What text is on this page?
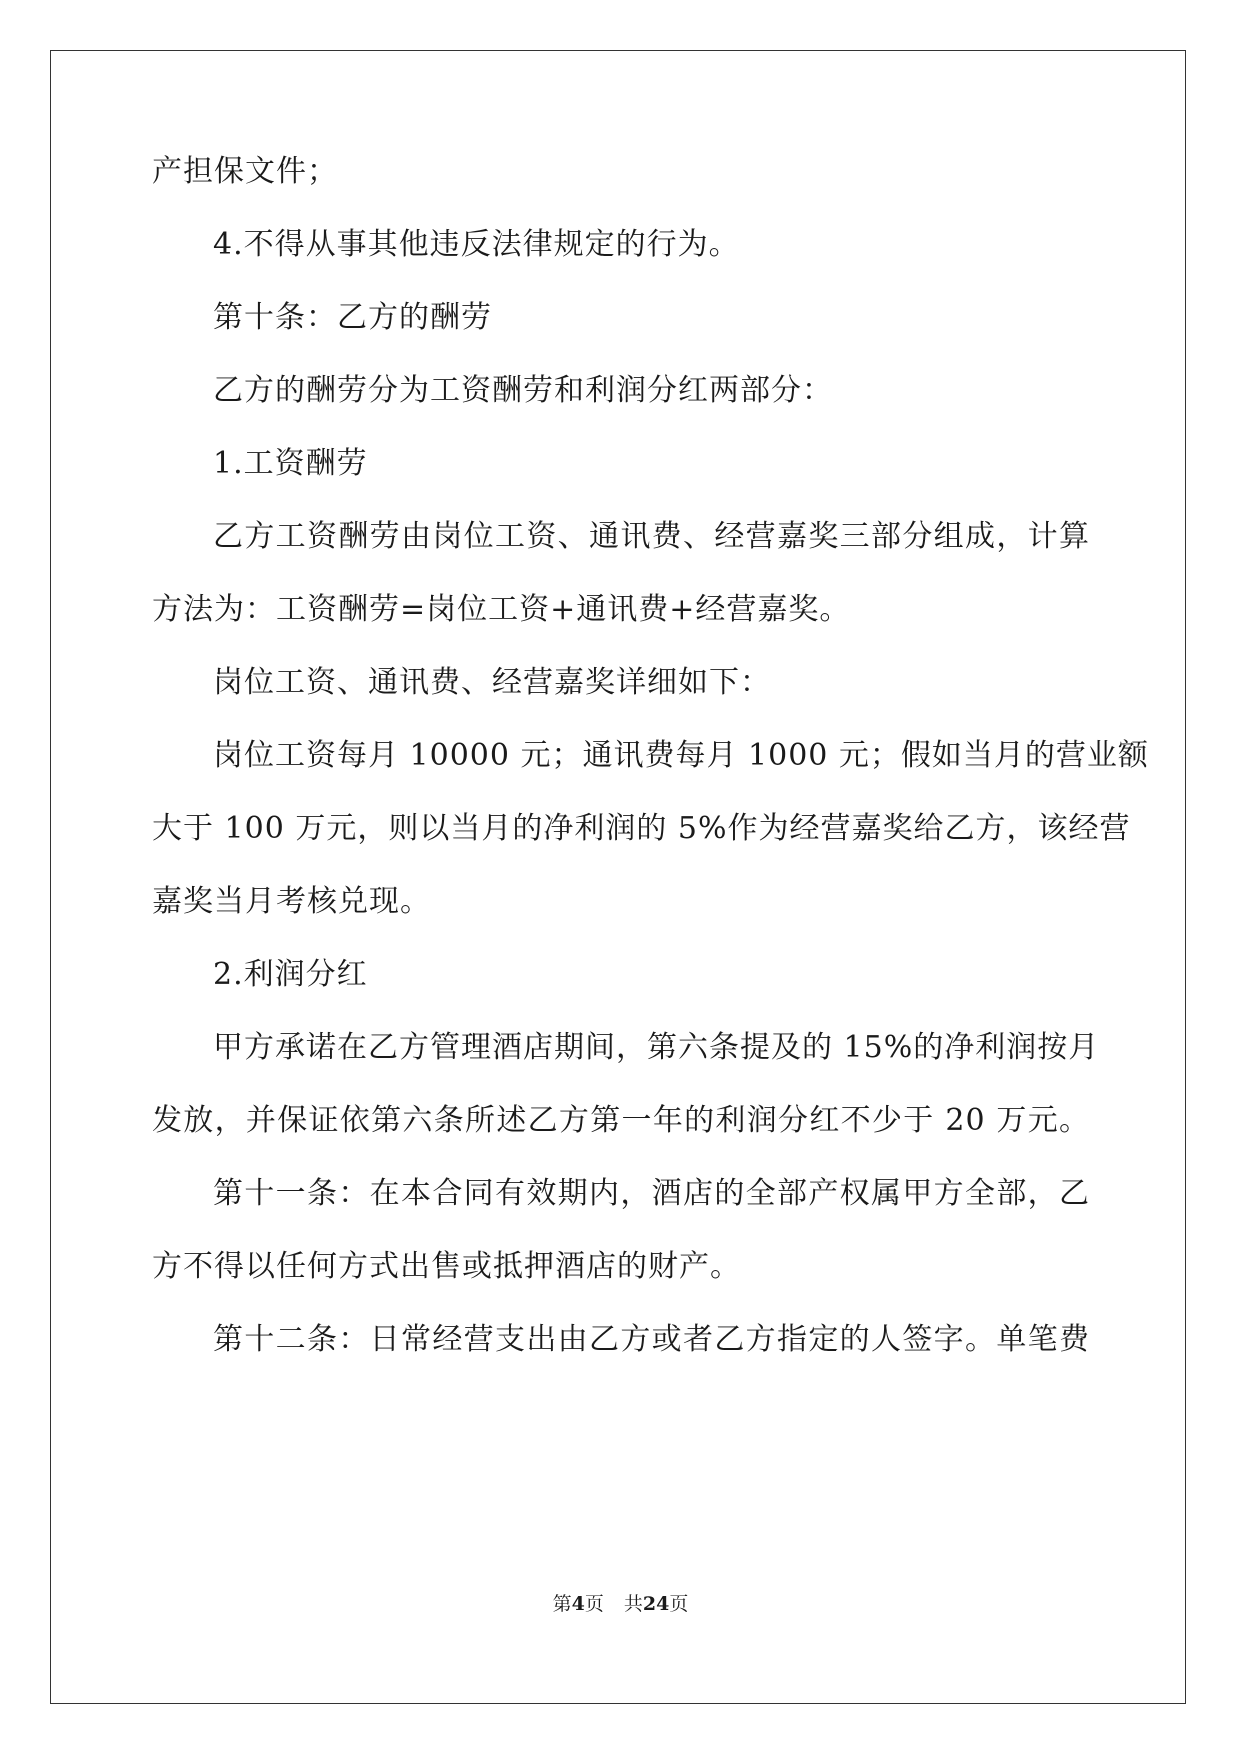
产担保文件；
4.不得从事其他违反法律规定的行为。
第十条：乙方的酬劳
乙方的酬劳分为工资酬劳和利润分红两部分：
1.工资酬劳
乙方工资酬劳由岗位工资、通讯费、经营嘉奖三部分组成，计算
方法为：工资酬劳=岗位工资+通讯费+经营嘉奖。
岗位工资、通讯费、经营嘉奖详细如下：
岗位工资每月 10000 元；通讯费每月 1000 元；假如当月的营业额
大于 100 万元，则以当月的净利润的 5%作为经营嘉奖给乙方，该经营
嘉奖当月考核兑现。
2.利润分红
甲方承诺在乙方管理酒店期间，第六条提及的 15%的净利润按月
发放，并保证依第六条所述乙方第一年的利润分红不少于 20 万元。
第十一条：在本合同有效期内，酒店的全部产权属甲方全部，乙
方不得以任何方式出售或抵押酒店的财产。
第十二条：日常经营支出由乙方或者乙方指定的人签字。单笔费
第4页 共24页
